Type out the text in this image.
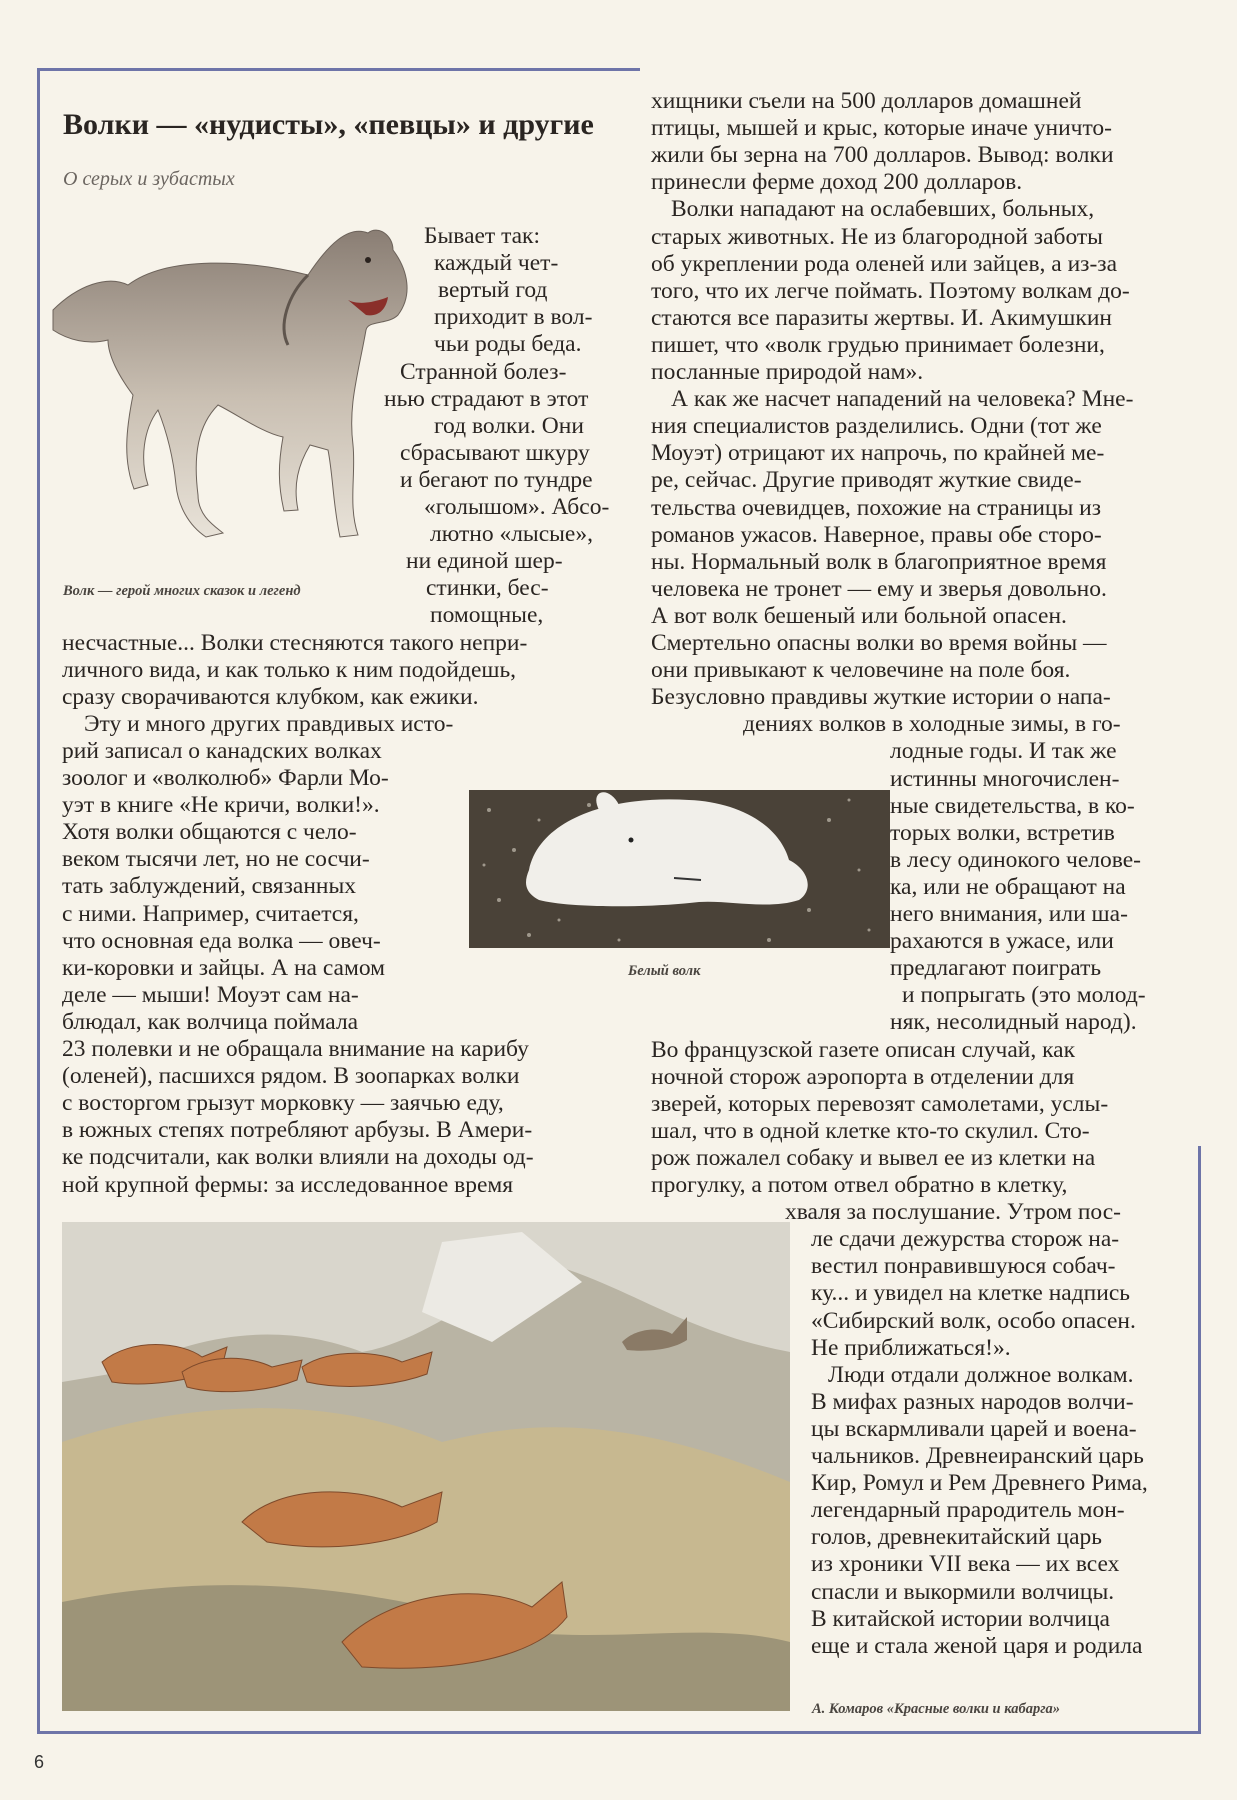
Волки — «нудисты», «певцы» и другие
О серых и зубастых
Волк — герой многих сказок и легенд
Белый волк
А. Комаров «Красные волки и кабарга»
Бывает так:
каждый чет-
вертый год
приходит в вол-
чьи роды беда.
Странной болез-
нью страдают в этот
год волки. Они
сбрасывают шкуру
и бегают по тундре
«голышом». Абсо-
лютно «лысые»,
ни единой шер-
стинки, бес-
помощные,
несчастные... Волки стесняются такого непри-
личного вида, и как только к ним подойдешь,
сразу сворачиваются клубком, как ежики.
Эту и много других правдивых исто-
рий записал о канадских волках
зоолог и «волколюб» Фарли Мо-
уэт в книге «Не кричи, волки!».
Хотя волки общаются с чело-
веком тысячи лет, но не сосчи-
тать заблуждений, связанных
с ними. Например, считается,
что основная еда волка — овеч-
ки-коровки и зайцы. А на самом
деле — мыши! Моуэт сам на-
блюдал, как волчица поймала
23 полевки и не обращала внимание на карибу
(оленей), пасшихся рядом. В зоопарках волки
с восторгом грызут морковку — заячью еду,
в южных степях потребляют арбузы. В Амери-
ке подсчитали, как волки влияли на доходы од-
ной крупной фермы: за исследованное время
хищники съели на 500 долларов домашней
птицы, мышей и крыс, которые иначе уничто-
жили бы зерна на 700 долларов. Вывод: волки
принесли ферме доход 200 долларов.
Волки нападают на ослабевших, больных,
старых животных. Не из благородной заботы
об укреплении рода оленей или зайцев, а из-за
того, что их легче поймать. Поэтому волкам до-
стаются все паразиты жертвы. И. Акимушкин
пишет, что «волк грудью принимает болезни,
посланные природой нам».
А как же насчет нападений на человека? Мне-
ния специалистов разделились. Одни (тот же
Моуэт) отрицают их напрочь, по крайней ме-
ре, сейчас. Другие приводят жуткие свиде-
тельства очевидцев, похожие на страницы из
романов ужасов. Наверное, правы обе сторо-
ны. Нормальный волк в благоприятное время
человека не тронет — ему и зверья довольно.
А вот волк бешеный или больной опасен.
Смертельно опасны волки во время войны —
они привыкают к человечине на поле боя.
Безусловно правдивы жуткие истории о напа-
дениях волков в холодные зимы, в го-
лодные годы. И так же
истинны многочислен-
ные свидетельства, в ко-
торых волки, встретив
в лесу одинокого челове-
ка, или не обращают на
него внимания, или ша-
рахаются в ужасе, или
предлагают поиграть
и попрыгать (это молод-
няк, несолидный народ).
Во французской газете описан случай, как
ночной сторож аэропорта в отделении для
зверей, которых перевозят самолетами, услы-
шал, что в одной клетке кто-то скулил. Сто-
рож пожалел собаку и вывел ее из клетки на
прогулку, а потом отвел обратно в клетку,
хваля за послушание. Утром пос-
ле сдачи дежурства сторож на-
вестил понравившуюся собач-
ку... и увидел на клетке надпись
«Сибирский волк, особо опасен.
Не приближаться!».
Люди отдали должное волкам.
В мифах разных народов волчи-
цы вскармливали царей и воена-
чальников. Древнеиранский царь
Кир, Ромул и Рем Древнего Рима,
легендарный прародитель мон-
голов, древнекитайский царь
из хроники VII века — их всех
спасли и выкормили волчицы.
В китайской истории волчица
еще и стала женой царя и родила
6
